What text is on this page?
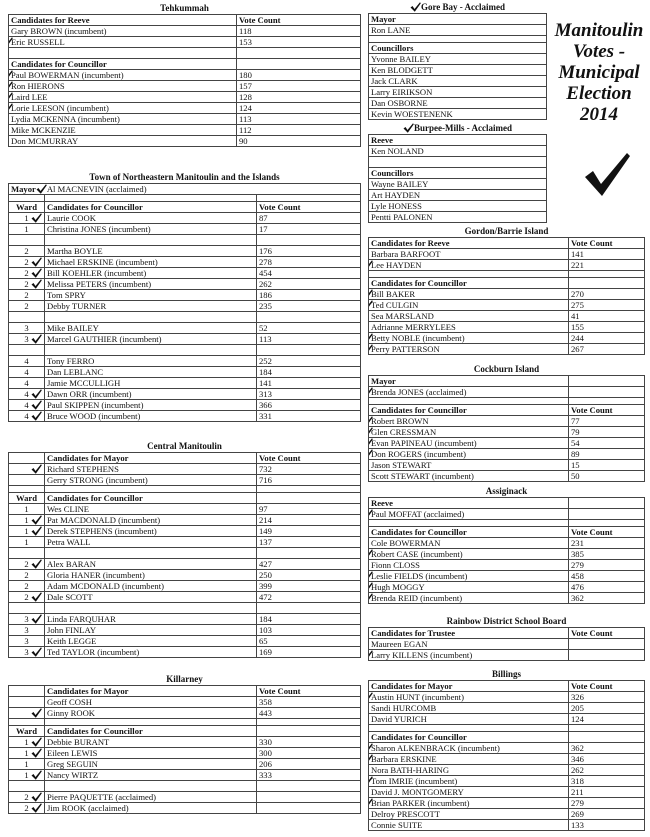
Manitoulin
Votes -
Municipal
Election
2014
Tehkummah
Candidates for Reeve	Vote Count
Gary BROWN (incumbent)	118

Eric RUSSELL	153

Candidates for Councillor	

Paul BOWERMAN (incumbent)	180

Ron HIERONS	157

Laird LEE	128

Lorie LEESON (incumbent)	124
Lydia MCKENNA (incumbent)	113
Mike MCKENZIE	112
Don MCMURRAY	90
Town of Northeastern Manitoulin and the Islands
Mayor Al MACNEVIN (acclaimed)		

Ward	Candidates for Councillor	Vote Count
1	Laurie COOK	87
1	Christina JONES (incumbent)	17

2	Martha BOYLE	176
2	Michael ERSKINE (incumbent)	278
2	Bill KOEHLER (incumbent)	454
2	Melissa PETERS (incumbent)	262
2	Tom SPRY	186
2	Debby TURNER	235

3	Mike BAILEY	52
3	Marcel GAUTHIER (incumbent)	113

4	Tony FERRO	252
4	Dan LEBLANC	184
4	Jamie MCCULLIGH	141
4	Dawn ORR (incumbent)	313
4	Paul SKIPPEN (incumbent)	366
4	Bruce WOOD (incumbent)	331
Central Manitoulin
	Candidates for Mayor	Vote Count

	Richard STEPHENS	732
	Gerry STRONG (incumbent)	716

Ward	Candidates for Councillor	
1	Wes CLINE	97
1	Pat MACDONALD (incumbent)	214
1	Derek STEPHENS (incumbent)	149
1	Petra WALL	137

2	Alex BARAN	427
2	Gloria HANER (incumbent)	250
2	Adam MCDONALD (incumbent)	399
2	Dale SCOTT	472

3	Linda FARQUHAR	184
3	John FINLAY	103
3	Keith LEGGE	65
3	Ted TAYLOR (incumbent)	169
Killarney
	Candidates for Mayor	Vote Count
	Geoff COSH	358

	Ginny ROOK	443

Ward	Candidates for Councillor	
1	Debbie BURANT	330
1	Eileen LEWIS	300
1	Greg SEGUIN	206
1	Nancy WIRTZ	333

2	Pierre PAQUETTE (acclaimed)	
2	Jim ROOK (acclaimed)	
Gore Bay - Acclaimed
Mayor
Ron LANE

Councillors
Yvonne BAILEY
Ken BLODGETT
Jack CLARK
Larry EIRIKSON
Dan OSBORNE
Kevin WOESTENENK
Burpee-Mills - Acclaimed
Reeve
Ken NOLAND

Councillors
Wayne BAILEY
Art HAYDEN
Lyle HONESS
Pentti PALONEN
Gordon/Barrie Island
Candidates for Reeve	Vote Count
Barbara BARFOOT	141

Lee HAYDEN	221

Candidates for Councillor	

Bill BAKER	270

Ted CULGIN	275
Sea MARSLAND	41
Adrianne MERRYLEES	155

Betty NOBLE (incumbent)	244

Perry PATTERSON	267
Cockburn Island
Mayor	

Brenda JONES (acclaimed)	

Candidates for Councillor	Vote Count

Robert BROWN	77

Glen CRESSMAN	79

Evan PAPINEAU (incumbent)	54

Don ROGERS (incumbent)	89
Jason STEWART	15
Scott STEWART (incumbent)	50
Assiginack
Reeve	

Paul MOFFAT (acclaimed)	

Candidates for Councillor	Vote Count
Cole BOWERMAN	231

Robert CASE (incumbent)	385
Fionn CLOSS	279

Leslie FIELDS (incumbent)	458

Hugh MOGGY	476

Brenda REID (incumbent)	362
Rainbow District School Board
Candidates for Trustee	Vote Count
Maureen EGAN	

Larry KILLENS (incumbent)	
Billings
Candidates for Mayor	Vote Count

Austin HUNT (incumbent)	326
Sandi HURCOMB	205
David YURICH	124

Candidates for Councillor	

Sharon ALKENBRACK (incumbent)	362

Barbara ERSKINE	346
Nora BATH-HARING	262

Tom IMRIE (incumbent)	318
David J. MONTGOMERY	211

Brian PARKER (incumbent)	279
Delroy PRESCOTT	269
Connie SUITE	133
